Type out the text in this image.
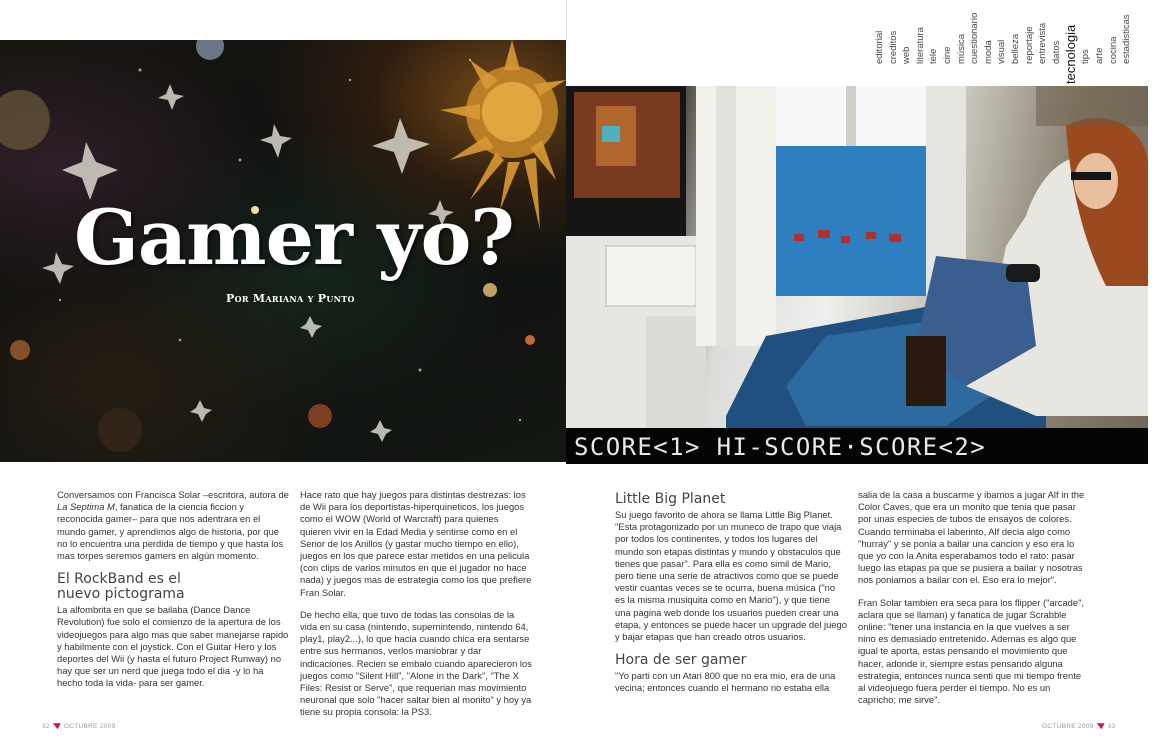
Gamer yo?
Por Mariana y Punto
editorial creditos web literatura tele cine música cuestionario moda visual belleza reportaje entrevista datos tecnologia tips arte cocina estadisticas
SCORE<1> HI-SCORE·SCORE<2>

Conversamos con Francisca Solar –escritora, autora de La Septima M, fanatica de la ciencia ficcion y reconocida gamer– para que nos adentrara en el mundo gamer, y aprendimos algo de historia, por que no lo encuentra una perdida de tiempo y que hasta los mas torpes seremos gamers en algún momento.

El RockBand es el nuevo pictograma

La alfombrita en que se bailaba (Dance Dance Revolution) fue solo el comienzo de la apertura de los videojuegos para algo mas que saber manejarse rapido y habilmente con el joystick. Con el Guitar Hero y los deportes del Wii (y hasta el futuro Project Runway) no hay que ser un nerd que juega todo el dia -y lo ha hecho toda la vida- para ser gamer.

Hace rato que hay juegos para distintas destrezas: los de Wii para los deportistas-hiperquineticos, los juegos como el WOW (World of Warcraft) para quienes quieren vivir en la Edad Media y sentirse como en el Senor de los Anillos (y gastar mucho tiempo en ello), juegos en los que parece estar metidos en una pelicula (con clips de varios minutos en que el jugador no hace nada) y juegos mas de estrategia como los que prefiere Fran Solar.

De hecho ella, que tuvo de todas las consolas de la vida en su casa (nintendo, supernintendo, nintendo 64, play1, play2...), lo que hacia cuando chica era sentarse entre sus hermanos, verlos maniobrar y dar indicaciones. Recien se embalo cuando aparecieron los juegos como "Silent Hill", "Alone in the Dark", "The X Files: Resist or Serve", que requerian mas movimiento neuronal que solo "hacer saltar bien al monito" y hoy ya tiene su propia consola: la PS3.

Little Big Planet

Su juego favorito de ahora se llama Little Big Planet. "Esta protagonizado por un muneco de trapo que viaja por todos los continentes, y todos los lugares del mundo son etapas distintas y mundo y obstaculos que tienes que pasar". Para ella es como simil de Mario, pero tiene una serie de atractivos como que se puede vestir cuantas veces se te ocurra, buena música ("no es la misma musiquita como en Mario"), y que tiene una pagina web donde los usuarios pueden crear una etapa, y entonces se puede hacer un upgrade del juego y bajar etapas que han creado otros usuarios.

Hora de ser gamer

"Yo parti con un Atari 800 que no era mio, era de una vecina; entonces cuando el hermano no estaba ella

salia de la casa a buscarme y ibamos a jugar Alf in the Color Caves, que era un monito que tenia que pasar por unas especies de tubos de ensayos de colores. Cuando terminaba el laberinto, Alf decia algo como "hurray" y se ponia a bailar una cancion y eso era lo que yo con la Anita esperabamos todo el rato: pasar luego las etapas pa que se pusiera a bailar y nosotras nos poniamos a bailar con el. Eso era lo mejor".

Fran Solar tambien era seca para los flipper ("arcade", aclara que se llaman) y fanatica de jugar Scrabble online: "tener una instancia en la que vuelves a ser nino es demasiado entretenido. Ademas es algo que igual te aporta, estas pensando el movimiento que hacer, adonde ir, siempre estas pensando alguna estrategia, entonces nunca senti que mi tiempo frente al videojuego fuera perder el tiempo. No es un capricho; me sirve".

32 OCTUBRE 2009	OCTUBRE 2009 33
